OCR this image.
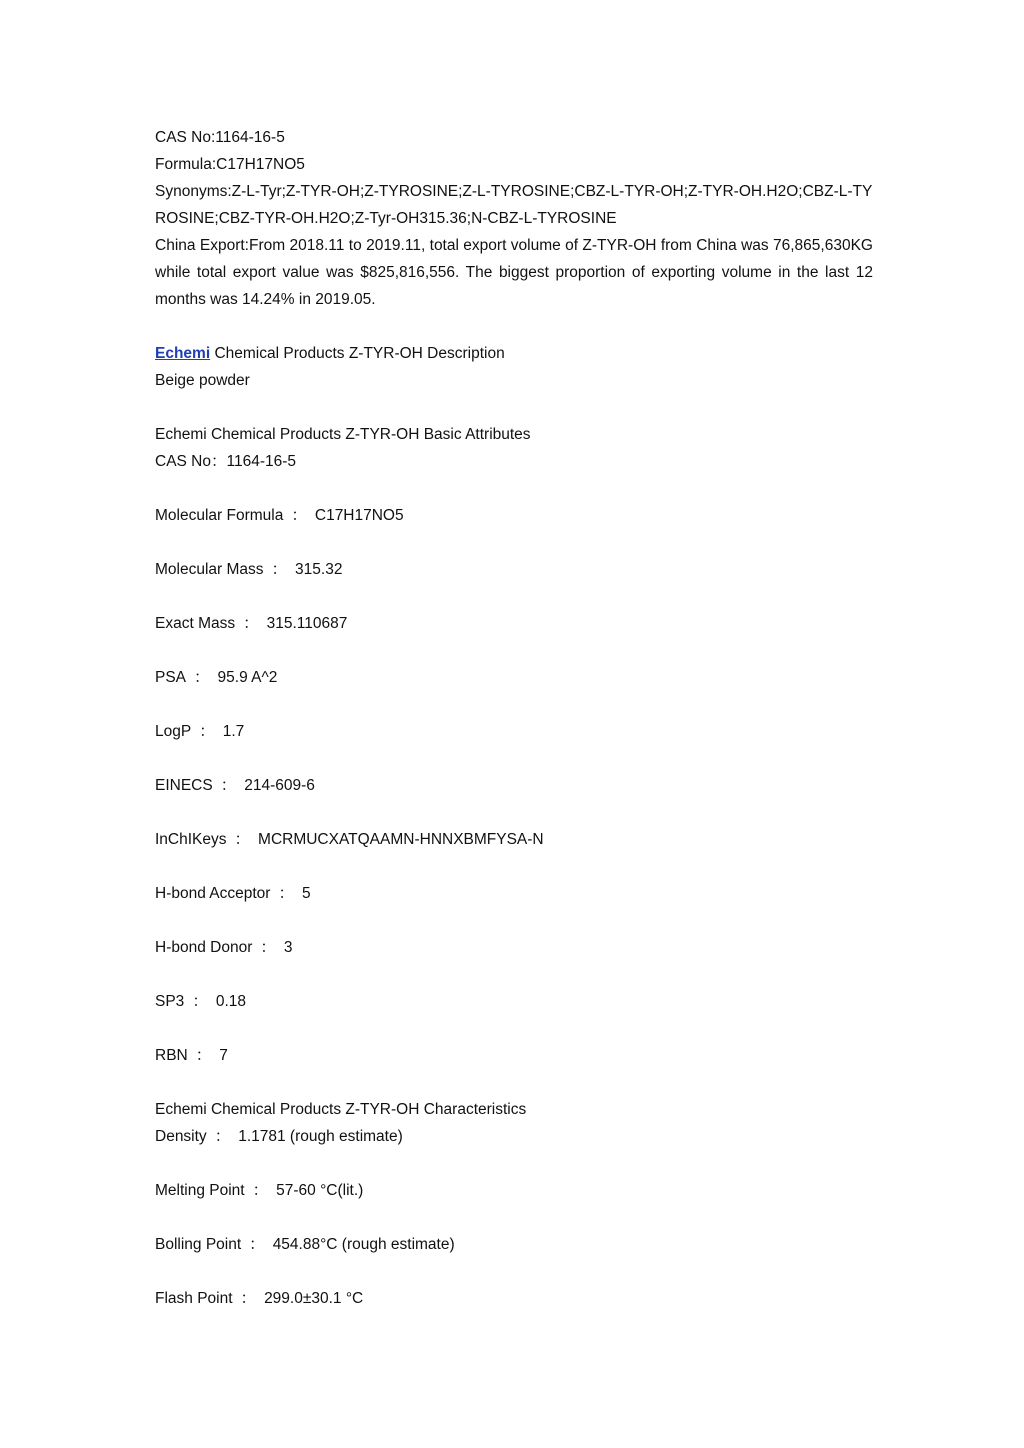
CAS No:1164-16-5
Formula:C17H17NO5
Synonyms:Z-L-Tyr;Z-TYR-OH;Z-TYROSINE;Z-L-TYROSINE;CBZ-L-TYR-OH;Z-TYR-OH.H2O;CBZ-L-TYROSINE;CBZ-TYR-OH.H2O;Z-Tyr-OH315.36;N-CBZ-L-TYROSINE
China Export:From 2018.11 to 2019.11, total export volume of Z-TYR-OH from China was 76,865,630KG while total export value was $825,816,556. The biggest proportion of exporting volume in the last 12 months was 14.24% in 2019.05.
Echemi Chemical Products Z-TYR-OH Description
Beige powder
Echemi Chemical Products Z-TYR-OH Basic Attributes
CAS No：1164-16-5
Molecular Formula ： C17H17NO5
Molecular Mass ： 315.32
Exact Mass ： 315.110687
PSA ： 95.9 A^2
LogP ： 1.7
EINECS ： 214-609-6
InChIKeys ： MCRMUCXATQAAMN-HNNXBMFYSA-N
H-bond Acceptor ： 5
H-bond Donor ： 3
SP3 ： 0.18
RBN ： 7
Echemi Chemical Products Z-TYR-OH Characteristics
Density ： 1.1781 (rough estimate)
Melting Point ： 57-60 °C(lit.)
Bolling Point ： 454.88°C (rough estimate)
Flash Point ： 299.0±30.1 °C
